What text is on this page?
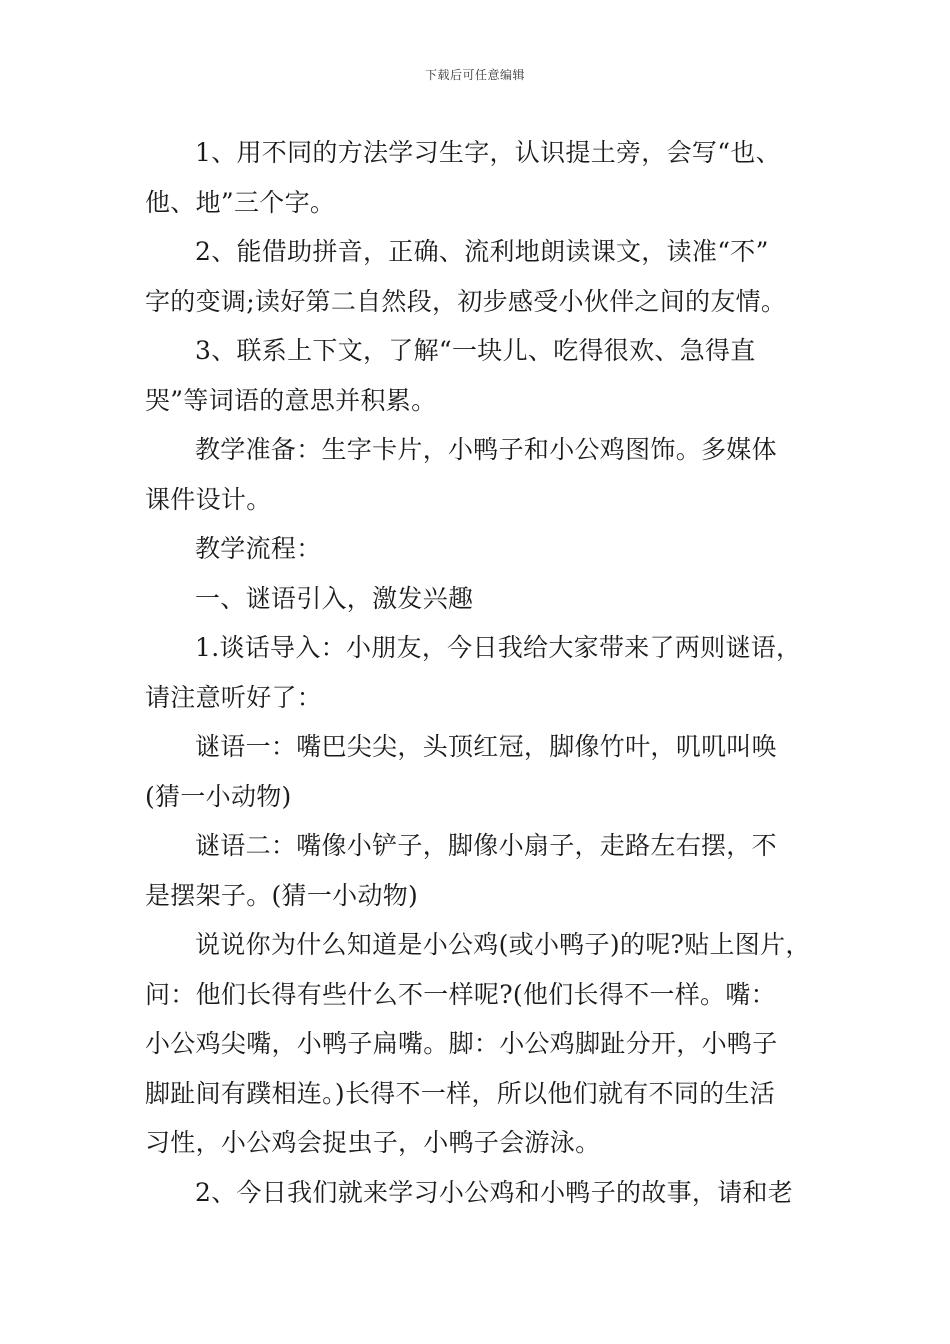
下载后可任意编辑
1、用不同的方法学习生字，认识提土旁，会写“也、
他、地”三个字。
2、能借助拼音，正确、流利地朗读课文，读准“不”
字的变调;读好第二自然段，初步感受小伙伴之间的友情。
3、联系上下文，了解“一块儿、吃得很欢、急得直
哭”等词语的意思并积累。
教学准备：生字卡片，小鸭子和小公鸡图饰。多媒体
课件设计。
教学流程：
一、谜语引入，激发兴趣
1.谈话导入：小朋友，今日我给大家带来了两则谜语，
请注意听好了：
谜语一：嘴巴尖尖，头顶红冠，脚像竹叶，叽叽叫唤
(猜一小动物)
谜语二：嘴像小铲子，脚像小扇子，走路左右摆，不
是摆架子。(猜一小动物)
说说你为什么知道是小公鸡(或小鸭子)的呢?贴上图片，
问：他们长得有些什么不一样呢?(他们长得不一样。嘴：
小公鸡尖嘴，小鸭子扁嘴。脚：小公鸡脚趾分开，小鸭子
脚趾间有蹼相连。)长得不一样，所以他们就有不同的生活
习性，小公鸡会捉虫子，小鸭子会游泳。
2、今日我们就来学习小公鸡和小鸭子的故事，请和老
